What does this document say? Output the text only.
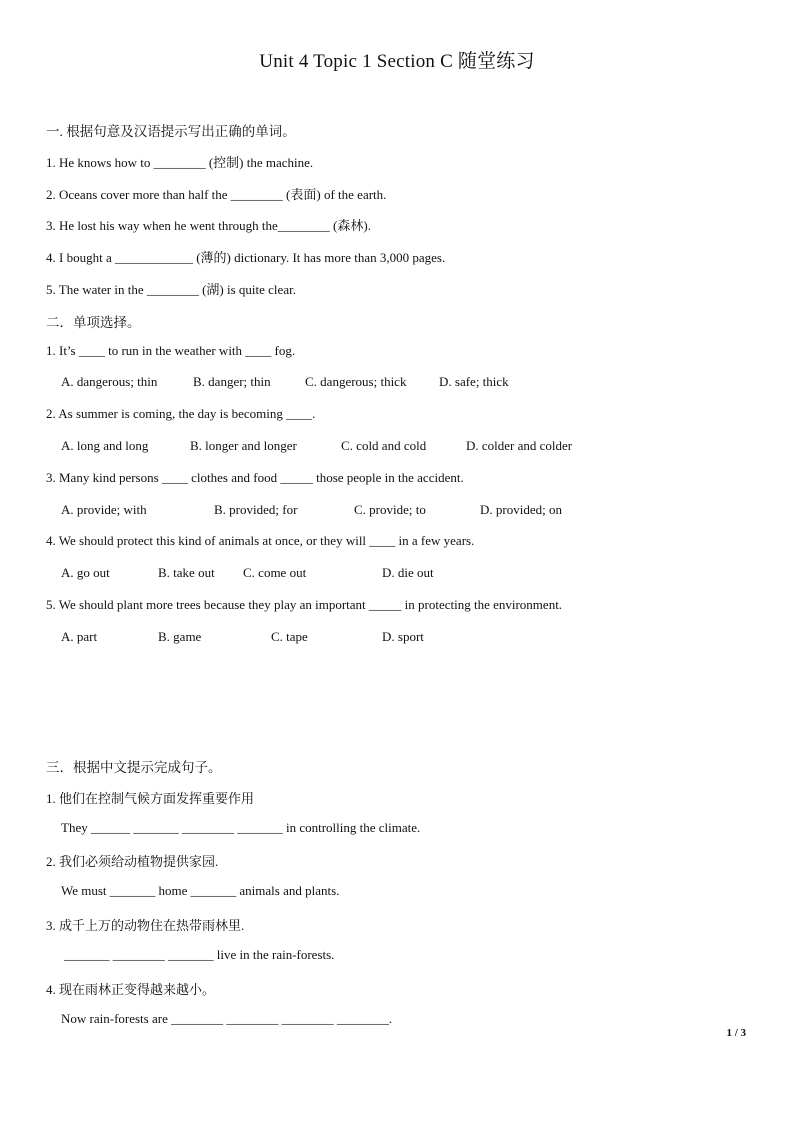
Unit 4 Topic 1 Section C 随堂练习
一. 根据句意及汉语提示写出正确的单词。
1. He knows how to ________ (控制) the machine.
2. Oceans cover more than half the ________ (表面) of the earth.
3. He lost his way when he went through the________ (森林).
4. I bought a ____________ (薄的) dictionary. It has more than 3,000 pages.
5. The water in the ________ (湖) is quite clear.
二．单项选择。
1. It’s ____ to run in the weather with ____ fog.
A. dangerous; thin	B. danger; thin	C. dangerous; thick	D. safe; thick
2. As summer is coming, the day is becoming ____.
A. long and long	B. longer and longer	C. cold and cold	D. colder and colder
3. Many kind persons ____ clothes and food _____ those people in the accident.
A. provide; with	B. provided; for	C. provide; to	D. provided; on
4. We should protect this kind of animals at once, or they will ____ in a few years.
A. go out	B. take out C. come out	D. die out
5. We should plant more trees because they play an important _____ in protecting the environment.
A. part	B. game	C. tape	D. sport
三．根据中文提示完成句子。
1. 他们在控制气候方面发挥重要作用
They ______ _______ ________ _______ in controlling the climate.
2. 我们必须给动植物提供家园.
We must _______ home _______ animals and plants.
3. 成千上万的动物住在热带雨林里.
_______ ________ _______ live in the rain-forests.
4. 现在雨林正变得越来越小。
Now rain-forests are ________ ________ ________ ________.
1 / 3
